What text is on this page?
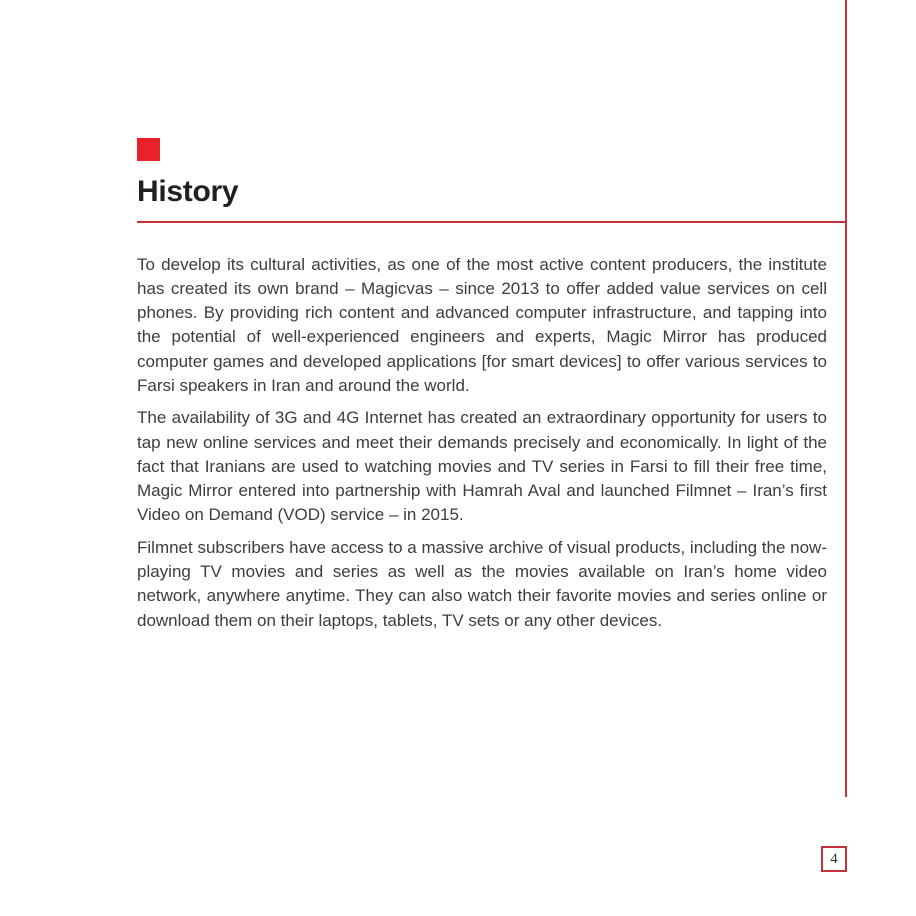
History

To develop its cultural activities, as one of the most active content producers, the institute has created its own brand – Magicvas – since 2013 to offer added value services on cell phones. By providing rich content and advanced computer infrastructure, and tapping into the potential of well-experienced engineers and experts, Magic Mirror has produced computer games and developed applications [for smart devices] to offer various services to Farsi speakers in Iran and around the world.

The availability of 3G and 4G Internet has created an extraordinary opportunity for users to tap new online services and meet their demands precisely and economically. In light of the fact that Iranians are used to watching movies and TV series in Farsi to fill their free time, Magic Mirror entered into partnership with Hamrah Aval and launched Filmnet – Iran’s first Video on Demand (VOD) service – in 2015.

Filmnet subscribers have access to a massive archive of visual products, including the now-playing TV movies and series as well as the movies available on Iran’s home video network, anywhere anytime. They can also watch their favorite movies and series online or download them on their laptops, tablets, TV sets or any other devices.

4
